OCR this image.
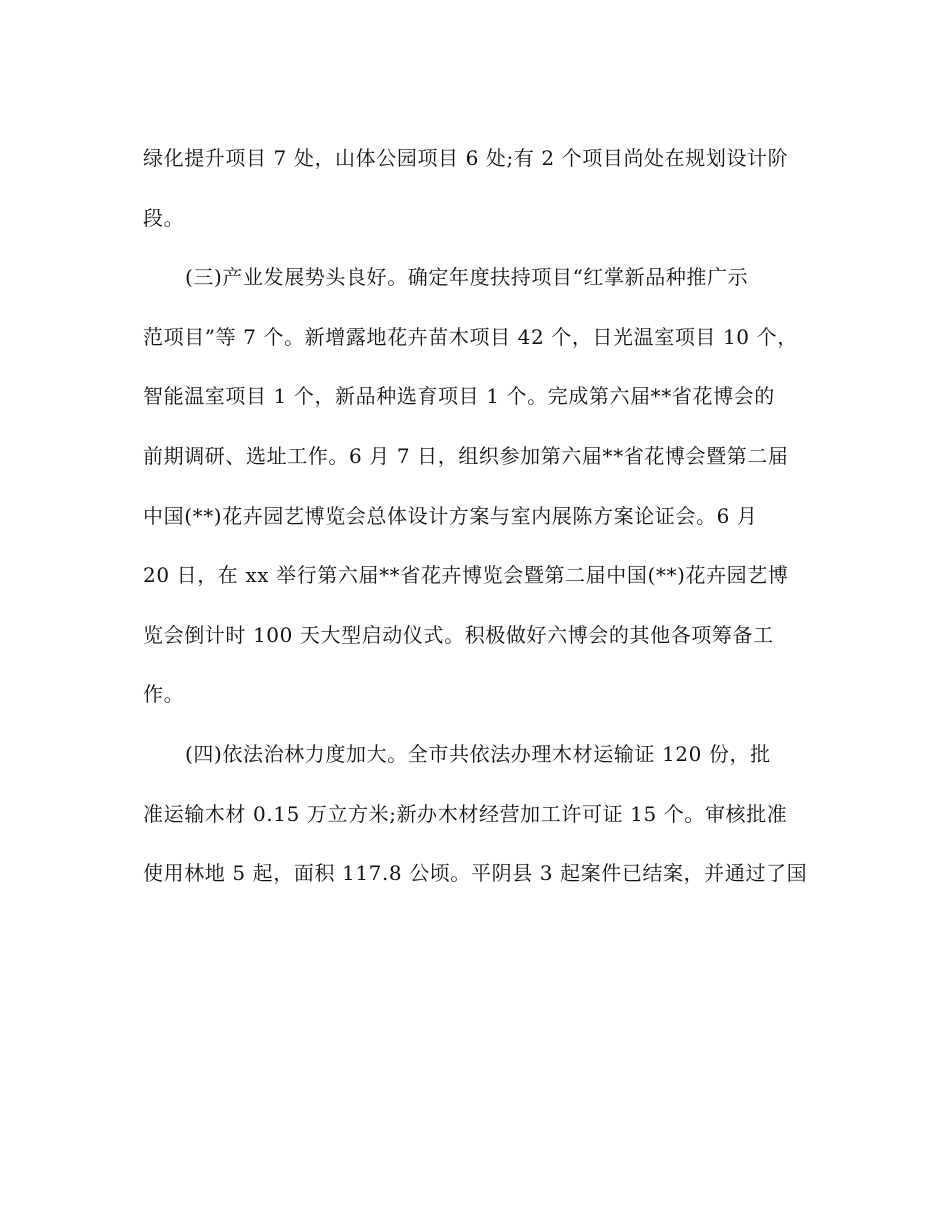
绿化提升项目 7 处，山体公园项目 6 处;有 2 个项目尚处在规划设计阶
段。
(三)产业发展势头良好。确定年度扶持项目“红掌新品种推广示
范项目”等 7 个。新增露地花卉苗木项目 42 个，日光温室项目 10 个，
智能温室项目 1 个，新品种选育项目 1 个。完成第六届**省花博会的
前期调研、选址工作。6 月 7 日，组织参加第六届**省花博会暨第二届
中国(**)花卉园艺博览会总体设计方案与室内展陈方案论证会。6 月
20 日，在 xx 举行第六届**省花卉博览会暨第二届中国(**)花卉园艺博
览会倒计时 100 天大型启动仪式。积极做好六博会的其他各项筹备工
作。
(四)依法治林力度加大。全市共依法办理木材运输证 120 份，批
准运输木材 0.15 万立方米;新办木材经营加工许可证 15 个。审核批准
使用林地 5 起，面积 117.8 公顷。平阴县 3 起案件已结案，并通过了国
